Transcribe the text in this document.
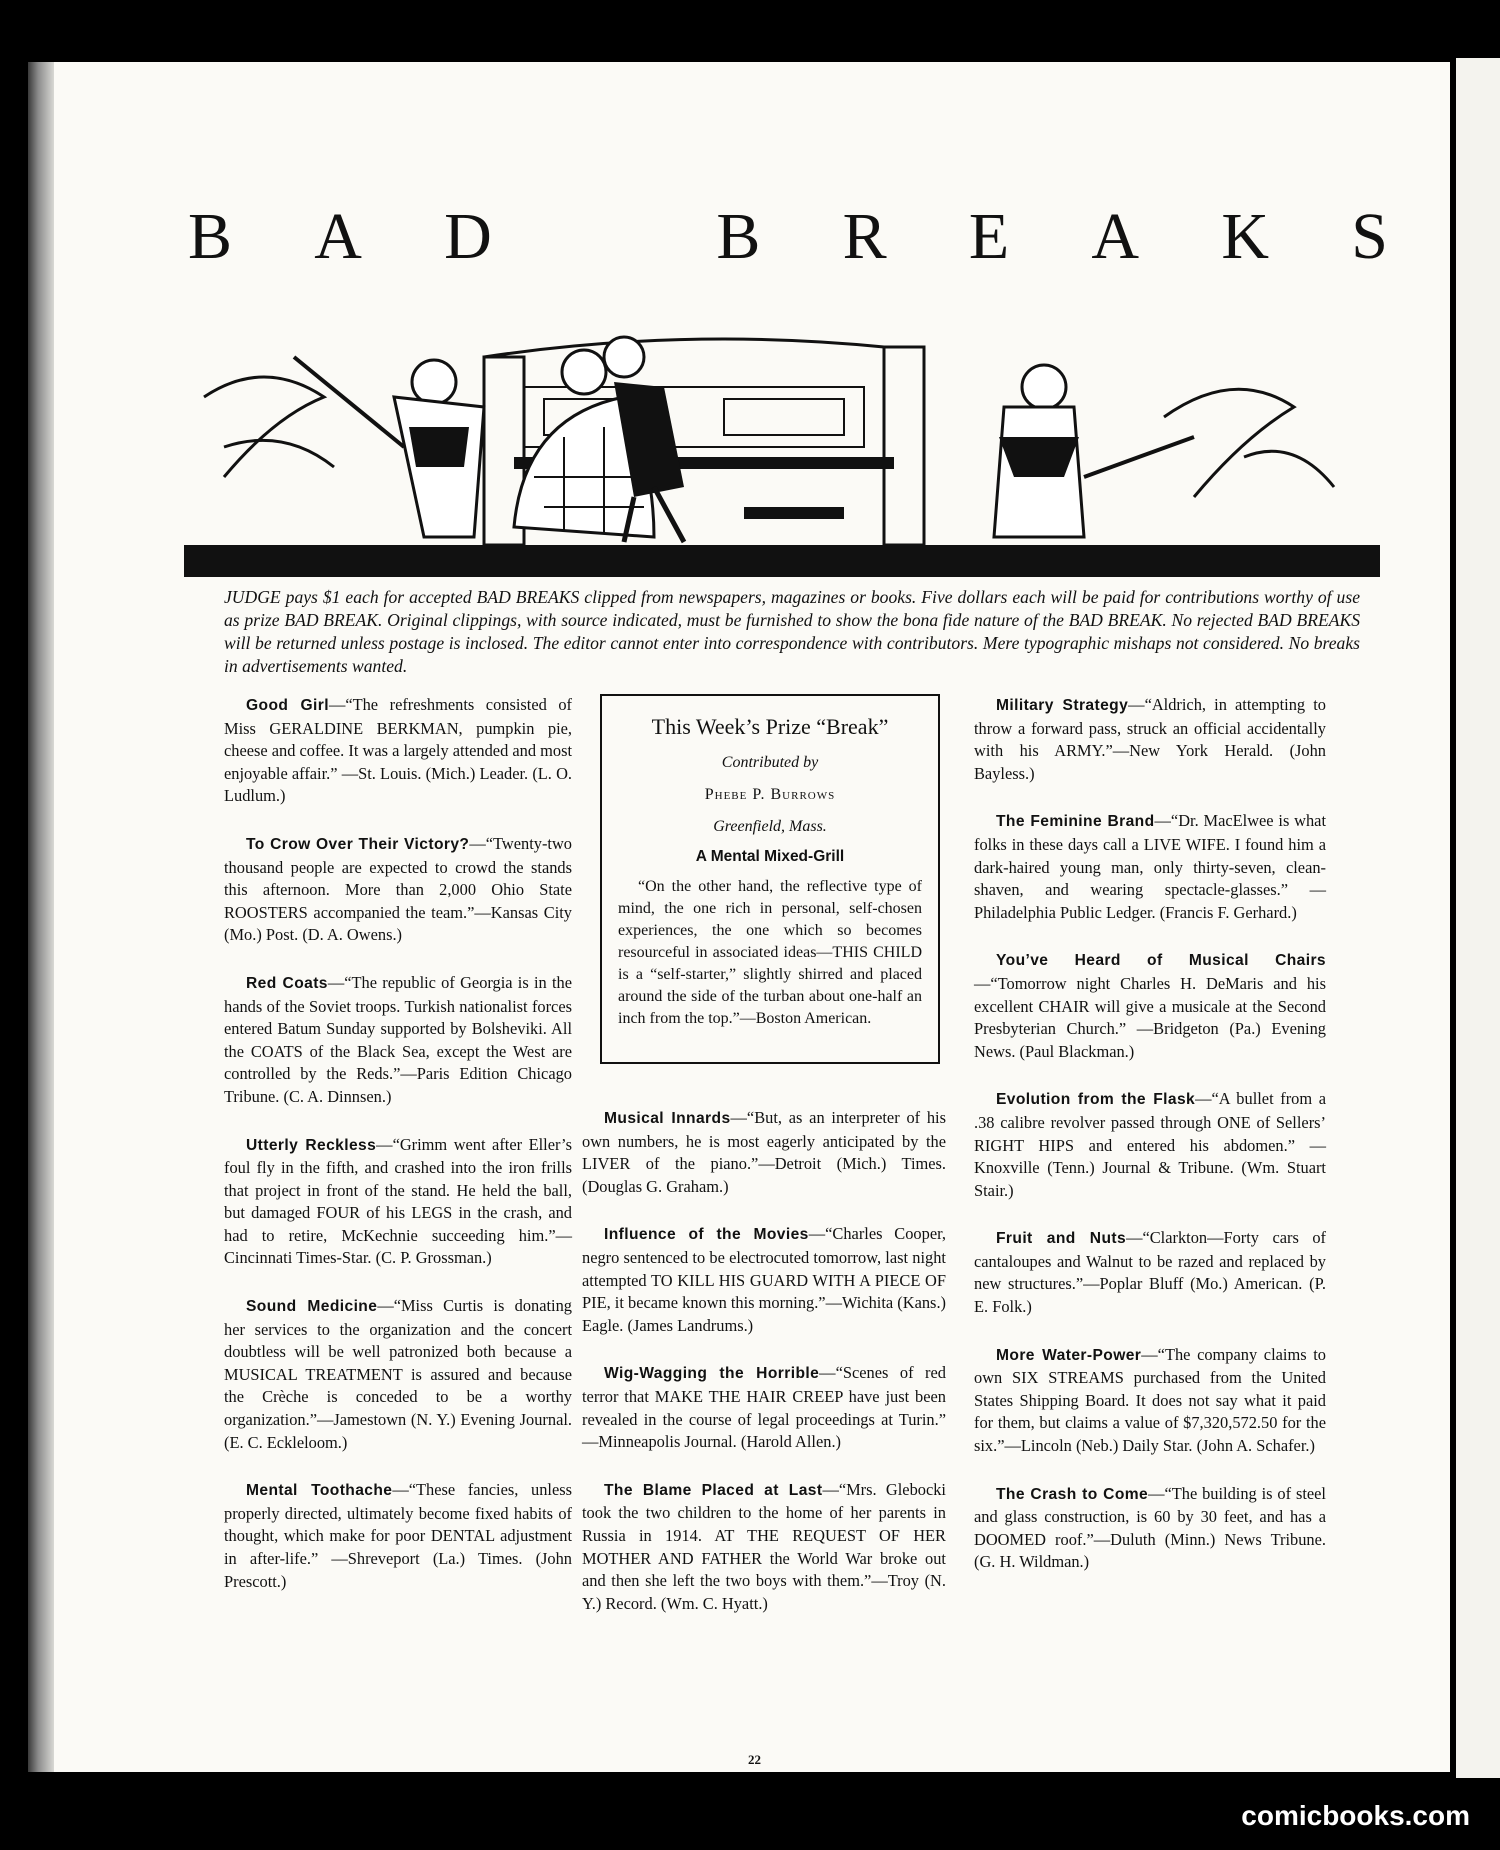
B A D	B R E A K S
JUDGE pays $1 each for accepted BAD BREAKS clipped from newspapers, magazines or books. Five dollars each will be paid for contributions worthy of use as prize BAD BREAK. Original clippings, with source indicated, must be furnished to show the bona fide nature of the BAD BREAK. No rejected BAD BREAKS will be returned unless postage is inclosed. The editor cannot enter into correspondence with contributors. Mere typographic mishaps not considered. No breaks in advertisements wanted.

Good Girl—“The refreshments consisted of Miss GERALDINE BERKMAN, pumpkin pie, cheese and coffee. It was a largely attended and most enjoyable affair.” —St. Louis. (Mich.) Leader. (L. O. Ludlum.)

To Crow Over Their Victory?—“Twenty-two thousand people are expected to crowd the stands this afternoon. More than 2,000 Ohio State ROOSTERS accompanied the team.”—Kansas City (Mo.) Post. (D. A. Owens.)

Red Coats—“The republic of Georgia is in the hands of the Soviet troops. Turkish nationalist forces entered Batum Sunday supported by Bolsheviki. All the COATS of the Black Sea, except the West are controlled by the Reds.”—Paris Edition Chicago Tribune. (C. A. Dinnsen.)

Utterly Reckless—“Grimm went after Eller’s foul fly in the fifth, and crashed into the iron frills that project in front of the stand. He held the ball, but damaged FOUR of his LEGS in the crash, and had to retire, McKechnie succeeding him.”—Cincinnati Times-Star. (C. P. Grossman.)

Sound Medicine—“Miss Curtis is donating her services to the organization and the concert doubtless will be well patronized both because a MUSICAL TREATMENT is assured and because the Crèche is conceded to be a worthy organization.”—Jamestown (N. Y.) Evening Journal. (E. C. Eckleloom.)

Mental Toothache—“These fancies, unless properly directed, ultimately become fixed habits of thought, which make for poor DENTAL adjustment in after-life.” —Shreveport (La.) Times. (John Prescott.)

This Week’s Prize “Break”

Contributed by

Phebe P. Burrows

Greenfield, Mass.

A Mental Mixed-Grill

“On the other hand, the reflective type of mind, the one rich in personal, self-chosen experiences, the one which so becomes resourceful in associated ideas—THIS CHILD is a “self-starter,” slightly shirred and placed around the side of the turban about one-half an inch from the top.”—Boston American.

Musical Innards—“But, as an interpreter of his own numbers, he is most eagerly anticipated by the LIVER of the piano.”—Detroit (Mich.) Times. (Douglas G. Graham.)

Influence of the Movies—“Charles Cooper, negro sentenced to be electrocuted tomorrow, last night attempted TO KILL HIS GUARD WITH A PIECE OF PIE, it became known this morning.”—Wichita (Kans.) Eagle. (James Landrums.)

Wig-Wagging the Horrible—“Scenes of red terror that MAKE THE HAIR CREEP have just been revealed in the course of legal proceedings at Turin.” —Minneapolis Journal. (Harold Allen.)

The Blame Placed at Last—“Mrs. Glebocki took the two children to the home of her parents in Russia in 1914. AT THE REQUEST OF HER MOTHER AND FATHER the World War broke out and then she left the two boys with them.”—Troy (N. Y.) Record. (Wm. C. Hyatt.)

Military Strategy—“Aldrich, in attempting to throw a forward pass, struck an official accidentally with his ARMY.”—New York Herald. (John Bayless.)

The Feminine Brand—“Dr. MacElwee is what folks in these days call a LIVE WIFE. I found him a dark-haired young man, only thirty-seven, clean-shaven, and wearing spectacle-glasses.” —Philadelphia Public Ledger. (Francis F. Gerhard.)

You’ve Heard of Musical Chairs—“Tomorrow night Charles H. DeMaris and his excellent CHAIR will give a musicale at the Second Presbyterian Church.” —Bridgeton (Pa.) Evening News. (Paul Blackman.)

Evolution from the Flask—“A bullet from a .38 calibre revolver passed through ONE of Sellers’ RIGHT HIPS and entered his abdomen.” — Knoxville (Tenn.) Journal & Tribune. (Wm. Stuart Stair.)

Fruit and Nuts—“Clarkton—Forty cars of cantaloupes and Walnut to be razed and replaced by new structures.”—Poplar Bluff (Mo.) American. (P. E. Folk.)

More Water-Power—“The company claims to own SIX STREAMS purchased from the United States Shipping Board. It does not say what it paid for them, but claims a value of $7,320,572.50 for the six.”—Lincoln (Neb.) Daily Star. (John A. Schafer.)

The Crash to Come—“The building is of steel and glass construction, is 60 by 30 feet, and has a DOOMED roof.”—Duluth (Minn.) News Tribune. (G. H. Wildman.)

22
comicbooks.com
